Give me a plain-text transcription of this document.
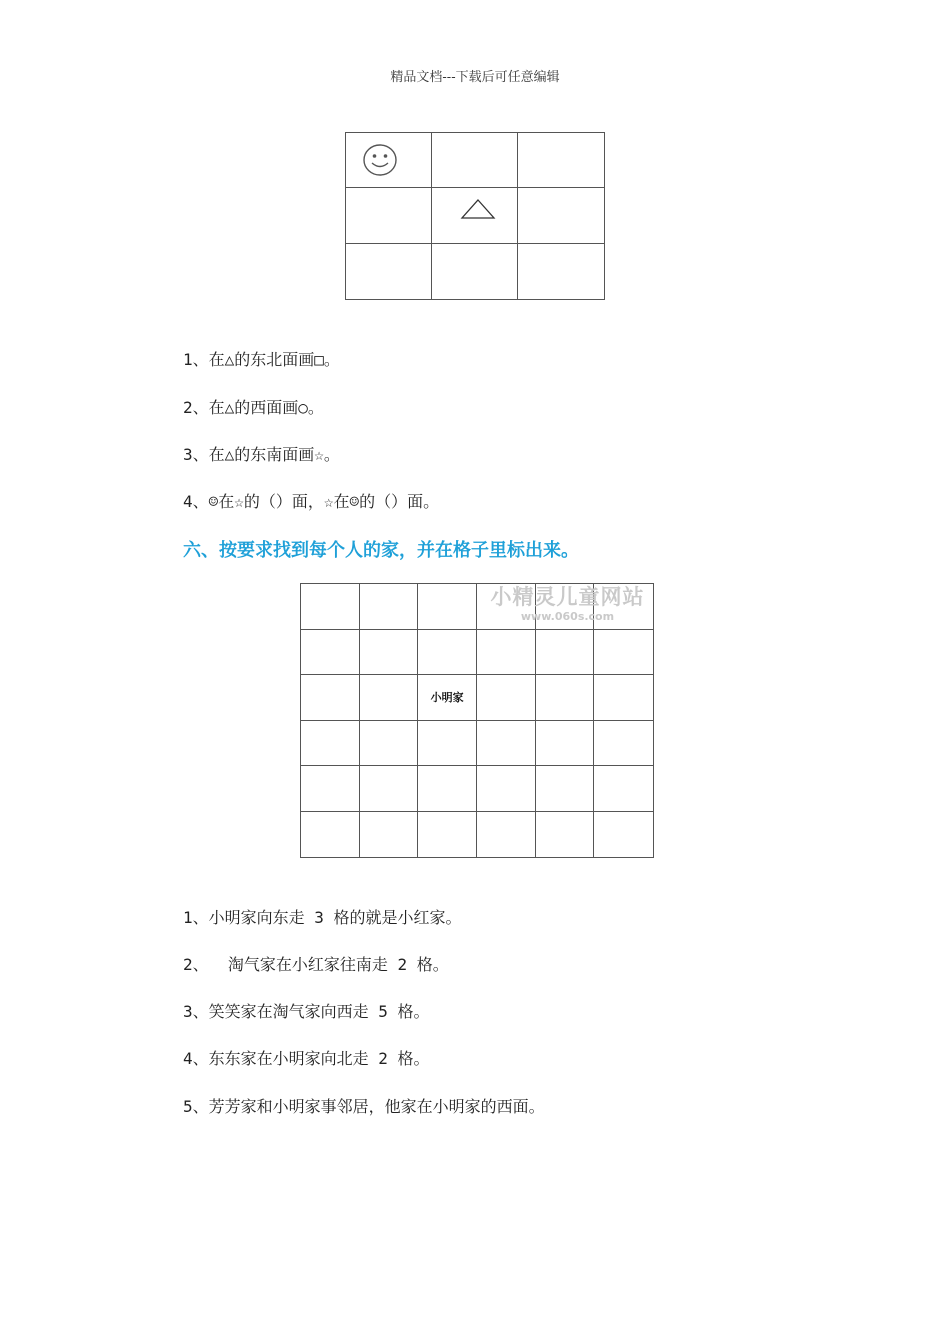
精品文档---下载后可任意编辑
1、在△的东北面画□。
2、在△的西面画○。
3、在△的东南面画☆。
4、☺在☆的（）面，☆在☺的（）面。
六、按要求找到每个人的家，并在格子里标出来。
小明家
小精灵儿童网站
www.060s.com
1、小明家向东走 3 格的就是小红家。
2、  淘气家在小红家往南走 2 格。
3、笑笑家在淘气家向西走 5 格。
4、东东家在小明家向北走 2 格。
5、芳芳家和小明家事邻居，他家在小明家的西面。
